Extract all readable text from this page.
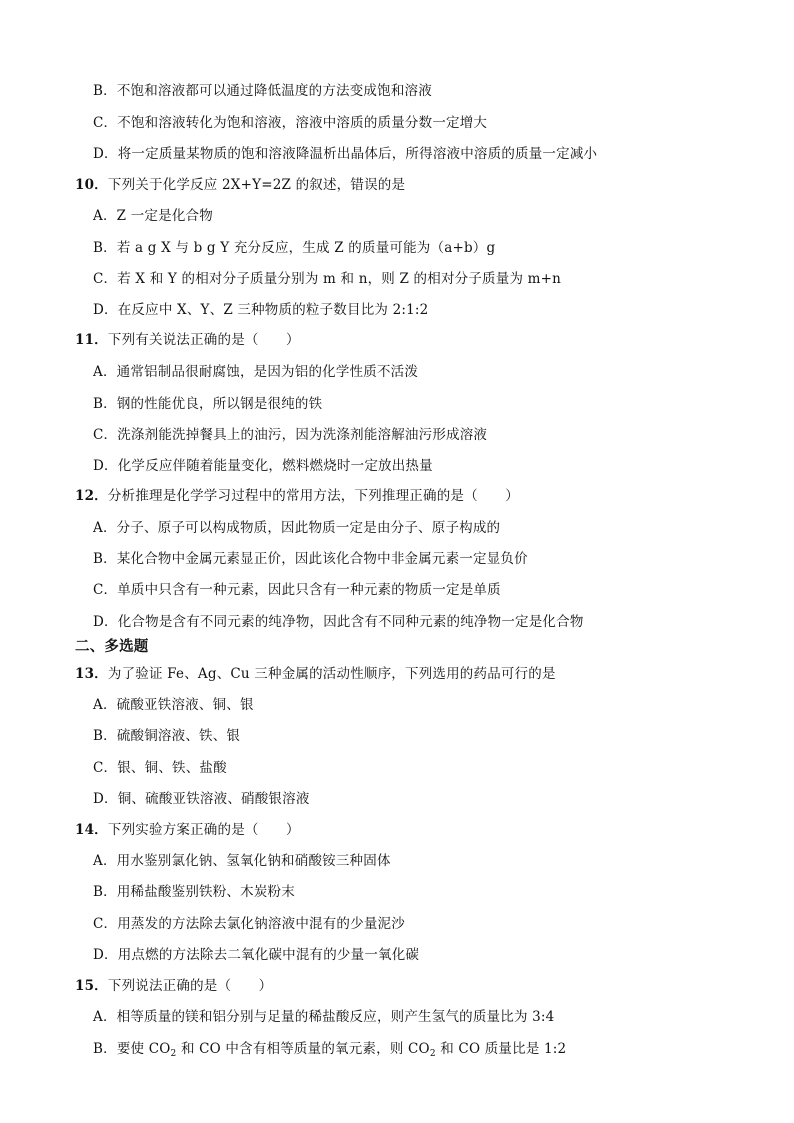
B．不饱和溶液都可以通过降低温度的方法变成饱和溶液
C．不饱和溶液转化为饱和溶液，溶液中溶质的质量分数一定增大
D．将一定质量某物质的饱和溶液降温析出晶体后，所得溶液中溶质的质量一定减小
10．下列关于化学反应 2X+Y=2Z 的叙述，错误的是
A．Z 一定是化合物
B．若 a g X 与 b g Y 充分反应，生成 Z 的质量可能为（a+b）g
C．若 X 和 Y 的相对分子质量分别为 m 和 n，则 Z 的相对分子质量为 m+n
D．在反应中 X、Y、Z 三种物质的粒子数目比为 2:1:2
11．下列有关说法正确的是（　　）
A．通常铝制品很耐腐蚀，是因为铝的化学性质不活泼
B．钢的性能优良，所以钢是很纯的铁
C．洗涤剂能洗掉餐具上的油污，因为洗涤剂能溶解油污形成溶液
D．化学反应伴随着能量变化，燃料燃烧时一定放出热量
12．分析推理是化学学习过程中的常用方法，下列推理正确的是（　　）
A．分子、原子可以构成物质，因此物质一定是由分子、原子构成的
B．某化合物中金属元素显正价，因此该化合物中非金属元素一定显负价
C．单质中只含有一种元素，因此只含有一种元素的物质一定是单质
D．化合物是含有不同元素的纯净物，因此含有不同种元素的纯净物一定是化合物
二、多选题
13．为了验证 Fe、Ag、Cu 三种金属的活动性顺序，下列选用的药品可行的是
A．硫酸亚铁溶液、铜、银
B．硫酸铜溶液、铁、银
C．银、铜、铁、盐酸
D．铜、硫酸亚铁溶液、硝酸银溶液
14．下列实验方案正确的是（　　）
A．用水鉴别氯化钠、氢氧化钠和硝酸铵三种固体
B．用稀盐酸鉴别铁粉、木炭粉末
C．用蒸发的方法除去氯化钠溶液中混有的少量泥沙
D．用点燃的方法除去二氧化碳中混有的少量一氧化碳
15．下列说法正确的是（　　）
A．相等质量的镁和铝分别与足量的稀盐酸反应，则产生氢气的质量比为 3:4
B．要使 $CO_2$ 和 CO 中含有相等质量的氧元素，则 $CO_2$ 和 CO 质量比是 1:2
